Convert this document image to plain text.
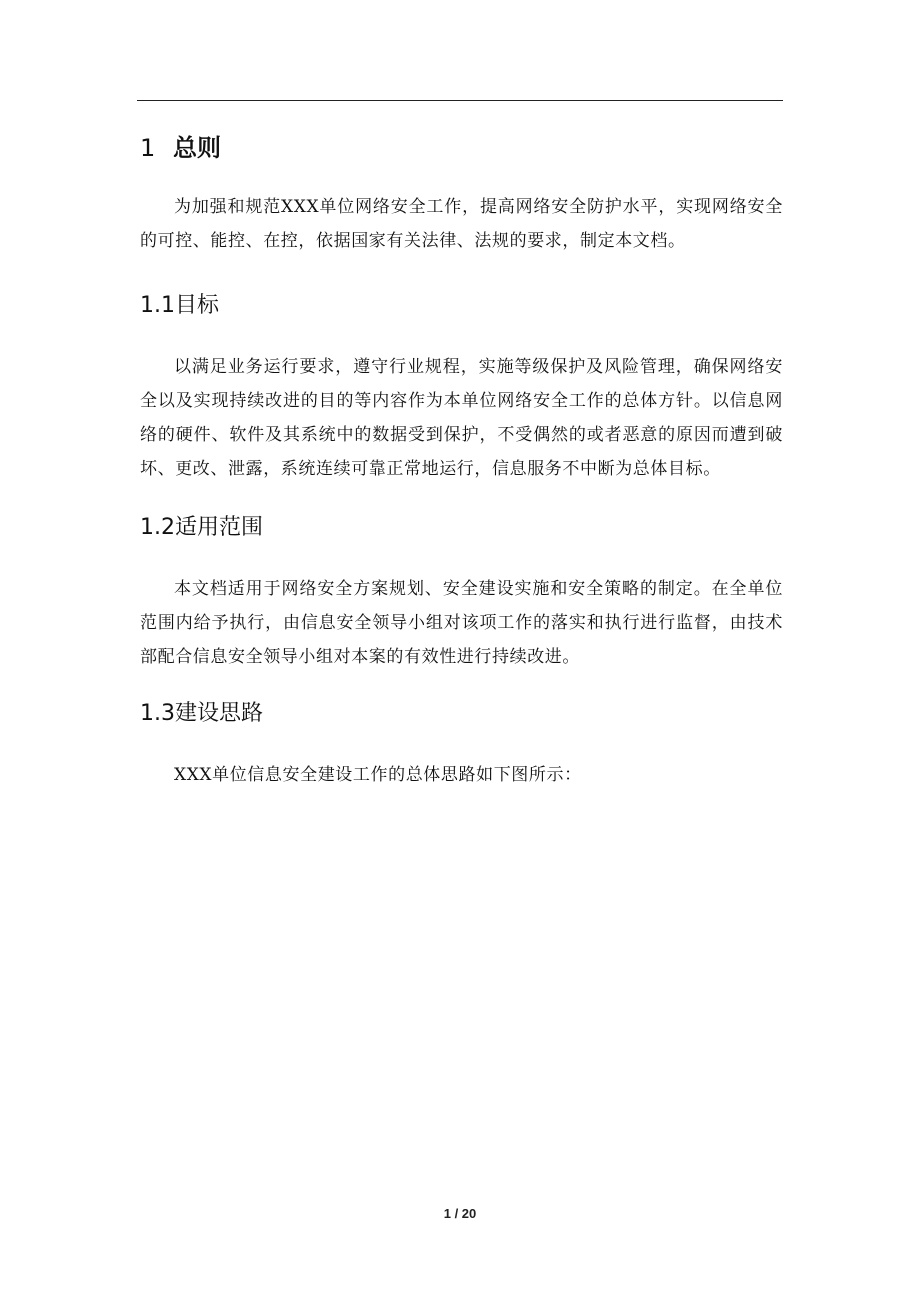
1 总则

为加强和规范XXX单位网络安全工作，提高网络安全防护水平，实现网络安全的可控、能控、在控，依据国家有关法律、法规的要求，制定本文档。

1.1目标

以满足业务运行要求，遵守行业规程，实施等级保护及风险管理，确保网络安全以及实现持续改进的目的等内容作为本单位网络安全工作的总体方针。以信息网络的硬件、软件及其系统中的数据受到保护，不受偶然的或者恶意的原因而遭到破坏、更改、泄露，系统连续可靠正常地运行，信息服务不中断为总体目标。

1.2适用范围

本文档适用于网络安全方案规划、安全建设实施和安全策略的制定。在全单位范围内给予执行，由信息安全领导小组对该项工作的落实和执行进行监督，由技术部配合信息安全领导小组对本案的有效性进行持续改进。

1.3建设思路

XXX单位信息安全建设工作的总体思路如下图所示：

1 / 20
